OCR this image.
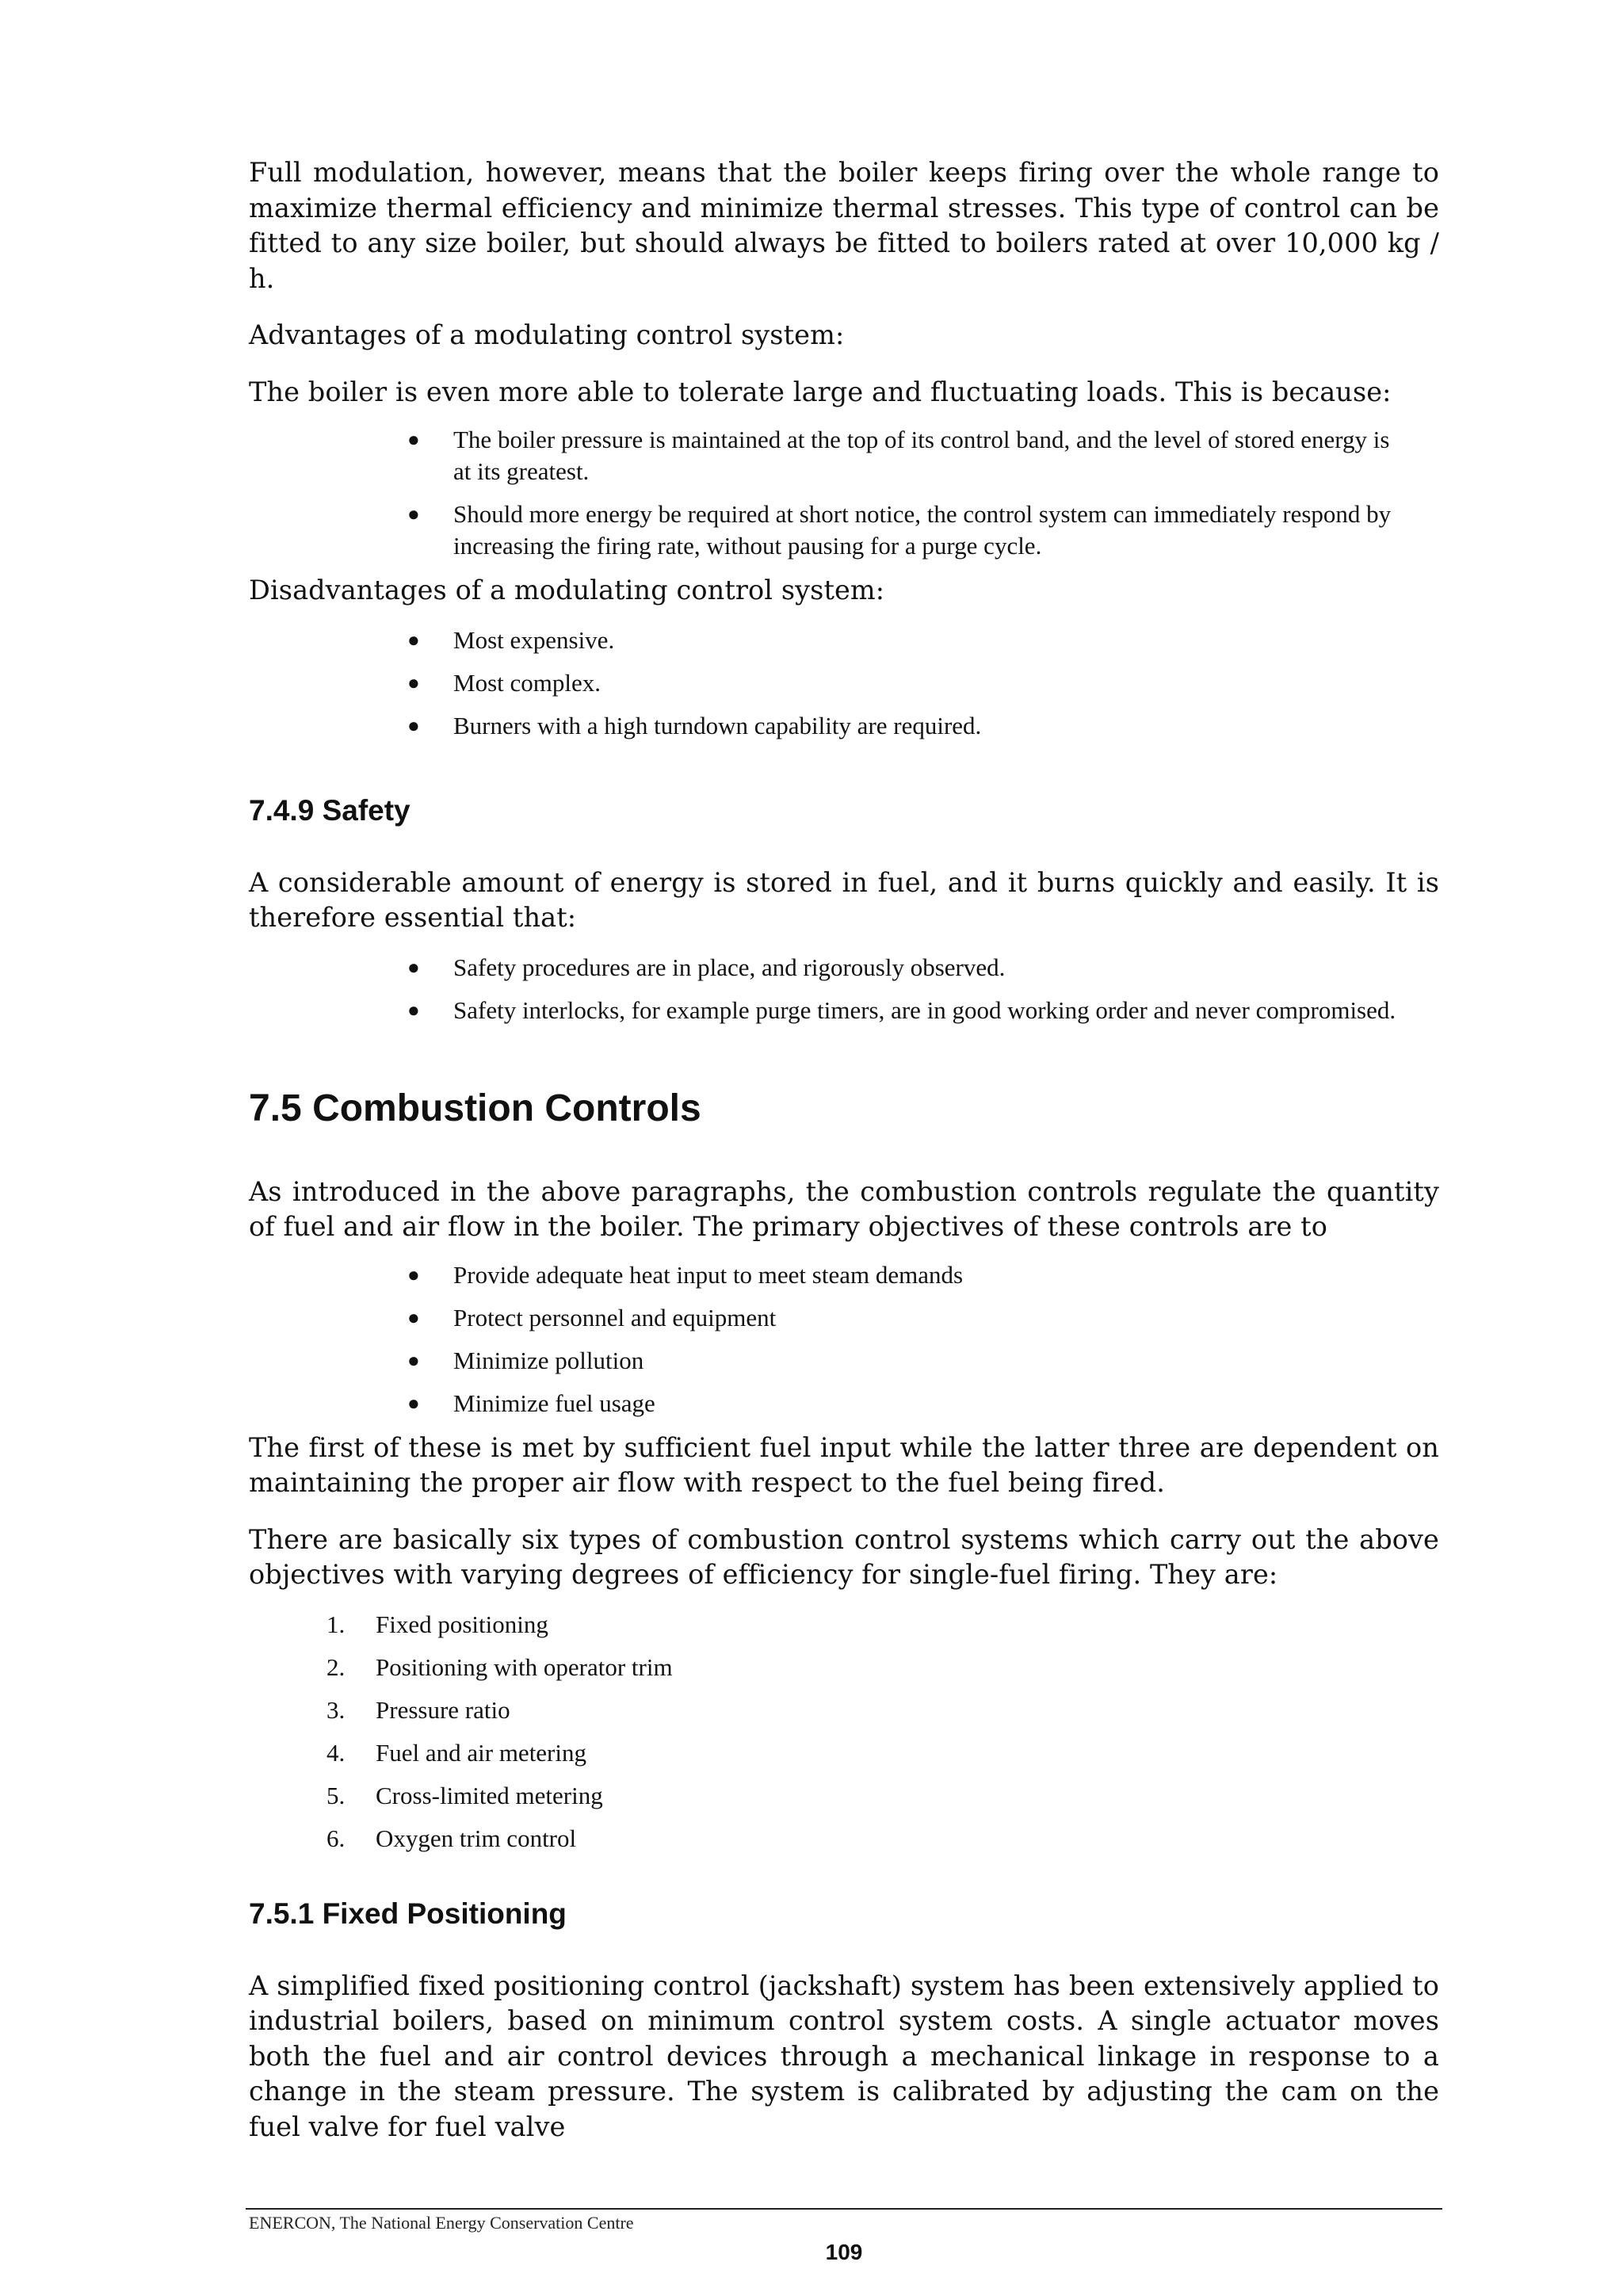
Full modulation, however, means that the boiler keeps firing over the whole range to maximize thermal efficiency and minimize thermal stresses. This type of control can be fitted to any size boiler, but should always be fitted to boilers rated at over 10,000 kg / h.

Advantages of a modulating control system:

The boiler is even more able to tolerate large and fluctuating loads. This is because:

● The boiler pressure is maintained at the top of its control band, and the level of stored energy is at its greatest.
● Should more energy be required at short notice, the control system can immediately respond by increasing the firing rate, without pausing for a purge cycle.

Disadvantages of a modulating control system:

● Most expensive.
● Most complex.
● Burners with a high turndown capability are required.
7.4.9 Safety

A considerable amount of energy is stored in fuel, and it burns quickly and easily. It is therefore essential that:

● Safety procedures are in place, and rigorously observed.
● Safety interlocks, for example purge timers, are in good working order and never compromised.
7.5 Combustion Controls

As introduced in the above paragraphs, the combustion controls regulate the quantity of fuel and air flow in the boiler. The primary objectives of these controls are to

● Provide adequate heat input to meet steam demands
● Protect personnel and equipment
● Minimize pollution
● Minimize fuel usage

The first of these is met by sufficient fuel input while the latter three are dependent on maintaining the proper air flow with respect to the fuel being fired.

There are basically six types of combustion control systems which carry out the above objectives with varying degrees of efficiency for single-fuel firing. They are:

1. Fixed positioning
2. Positioning with operator trim
3. Pressure ratio
4. Fuel and air metering
5. Cross-limited metering
6. Oxygen trim control
7.5.1 Fixed Positioning

A simplified fixed positioning control (jackshaft) system has been extensively applied to industrial boilers, based on minimum control system costs. A single actuator moves both the fuel and air control devices through a mechanical linkage in response to a change in the steam pressure. The system is calibrated by adjusting the cam on the fuel valve for fuel valve

ENERCON, The National Energy Conservation Centre
109
